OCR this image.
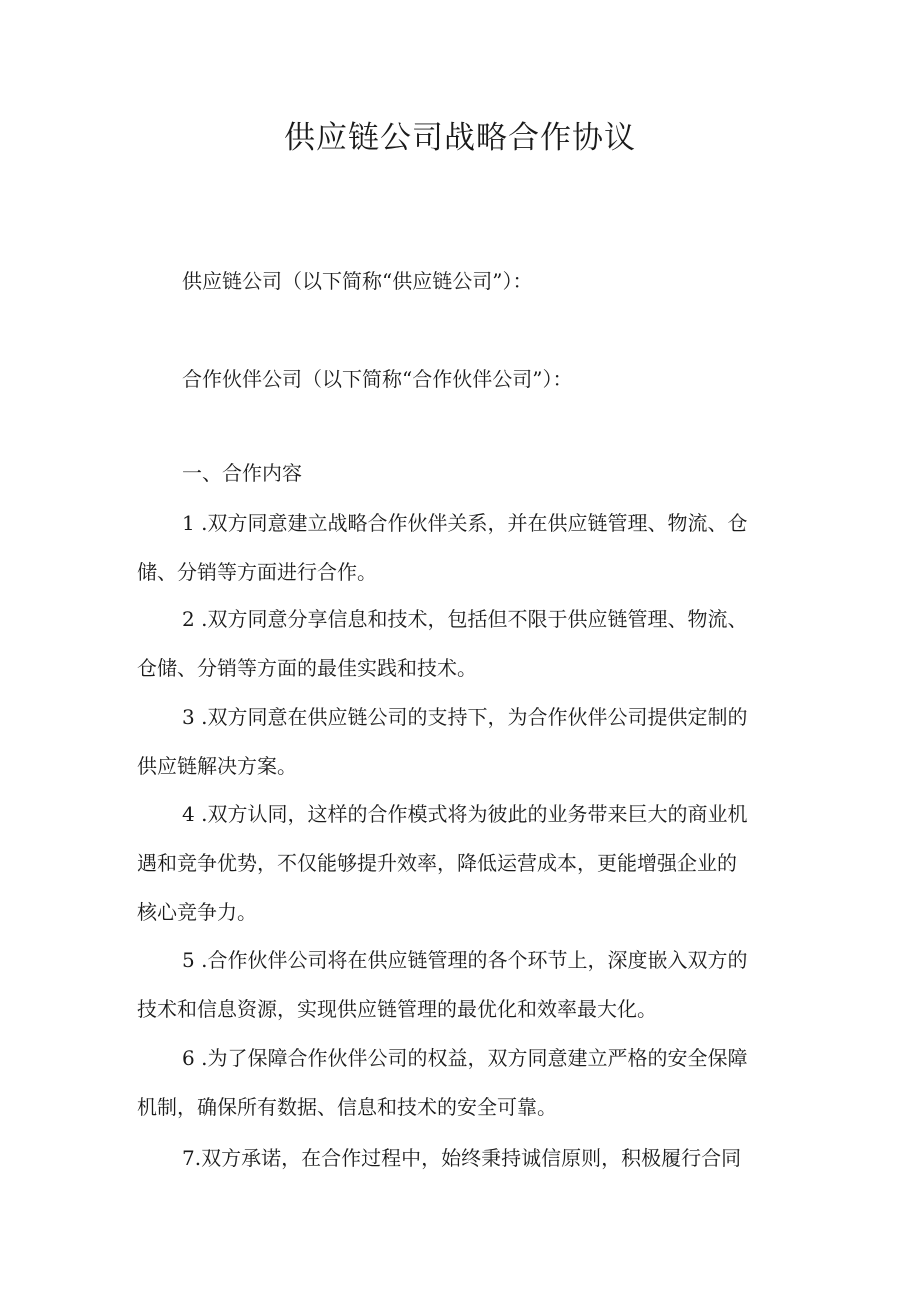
供应链公司战略合作协议

供应链公司（以下简称“供应链公司”）：

合作伙伴公司（以下简称“合作伙伴公司”）：

一、合作内容

1 .双方同意建立战略合作伙伴关系，并在供应链管理、物流、仓

储、分销等方面进行合作。

2 .双方同意分享信息和技术，包括但不限于供应链管理、物流、

仓储、分销等方面的最佳实践和技术。

3 .双方同意在供应链公司的支持下，为合作伙伴公司提供定制的

供应链解决方案。

4 .双方认同，这样的合作模式将为彼此的业务带来巨大的商业机

遇和竞争优势，不仅能够提升效率，降低运营成本，更能增强企业的

核心竞争力。

5 .合作伙伴公司将在供应链管理的各个环节上，深度嵌入双方的

技术和信息资源，实现供应链管理的最优化和效率最大化。

6 .为了保障合作伙伴公司的权益，双方同意建立严格的安全保障

机制，确保所有数据、信息和技术的安全可靠。

7.双方承诺，在合作过程中，始终秉持诚信原则，积极履行合同
